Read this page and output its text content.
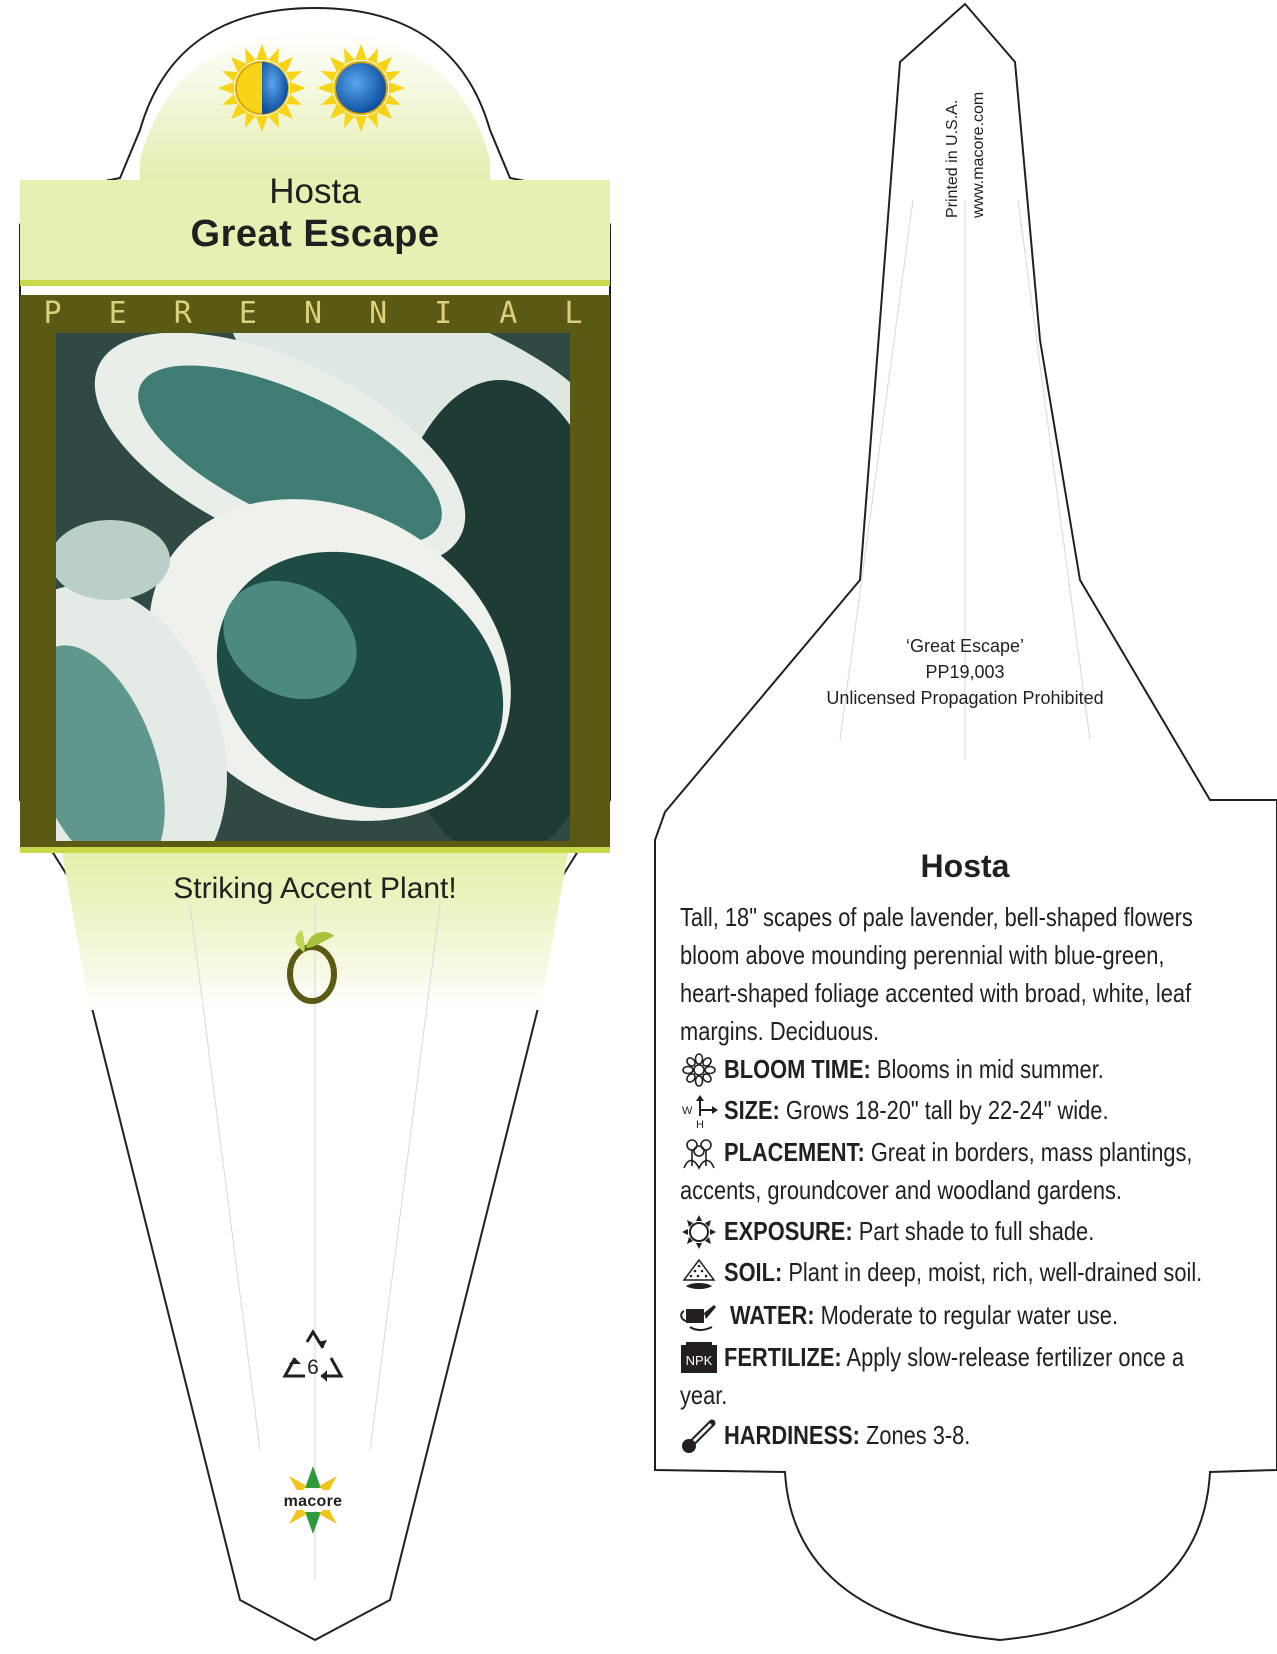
Hosta
Great Escape
P E R E N N I A L
Striking Accent Plant!
6
macore
Printed in U.S.A. www.macore.com
‘Great Escape’
PP19,003
Unlicensed Propagation Prohibited
Hosta
Tall, 18" scapes of pale lavender, bell-shaped flowers
bloom above mounding perennial with blue-green,
heart-shaped foliage accented with broad, white, leaf
margins. Deciduous.
BLOOM TIME: Blooms in mid summer.
W
H SIZE: Grows 18-20" tall by 22-24" wide.
PLACEMENT: Great in borders, mass plantings,
accents, groundcover and woodland gardens.
EXPOSURE: Part shade to full shade.
SOIL: Plant in deep, moist, rich, well-drained soil.
WATER: Moderate to regular water use.
NPK FERTILIZE: Apply slow-release fertilizer once a
year.
HARDINESS: Zones 3-8.
